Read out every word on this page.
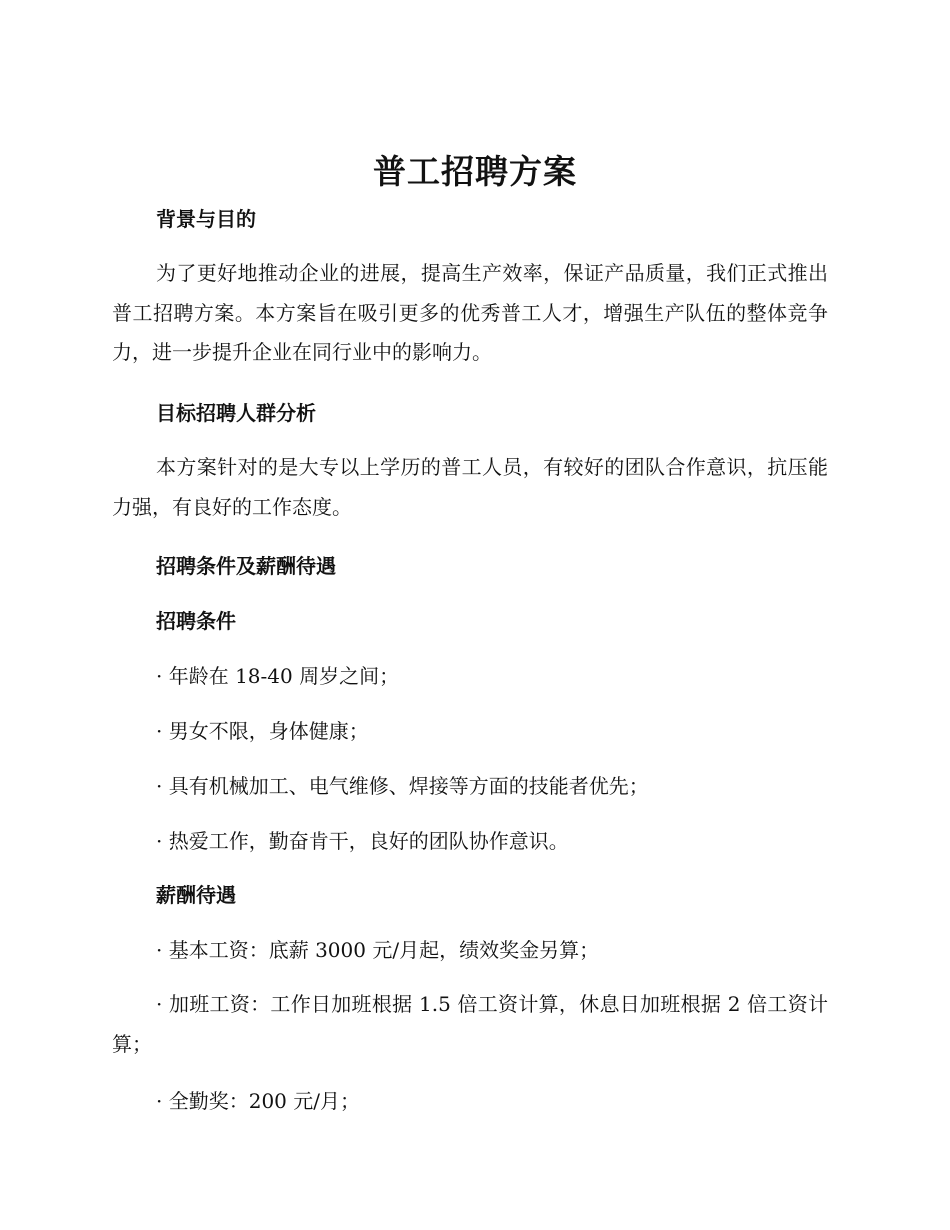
普工招聘方案
背景与目的
为了更好地推动企业的进展，提高生产效率，保证产品质量，我们正式推出普工招聘方案。本方案旨在吸引更多的优秀普工人才，增强生产队伍的整体竞争力，进一步提升企业在同行业中的影响力。
目标招聘人群分析
本方案针对的是大专以上学历的普工人员，有较好的团队合作意识，抗压能力强，有良好的工作态度。
招聘条件及薪酬待遇
招聘条件
· 年龄在 18-40 周岁之间；
· 男女不限，身体健康；
· 具有机械加工、电气维修、焊接等方面的技能者优先；
· 热爱工作，勤奋肯干，良好的团队协作意识。
薪酬待遇
· 基本工资：底薪 3000 元/月起，绩效奖金另算；
· 加班工资：工作日加班根据 1.5 倍工资计算，休息日加班根据 2 倍工资计算；
· 全勤奖：200 元/月；
